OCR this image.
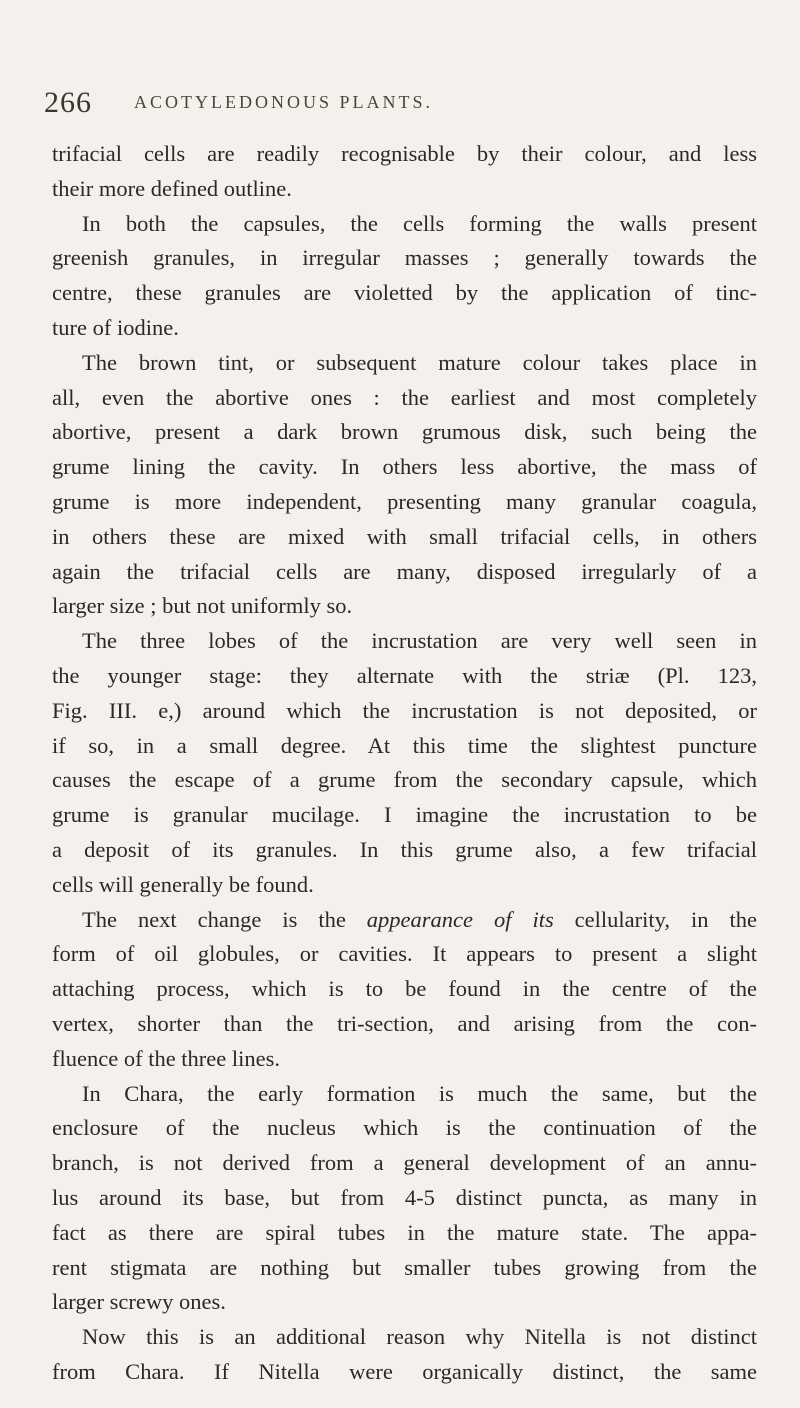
266 ACOTYLEDONOUS PLANTS.

trifacial cells are readily recognisable by their colour, and less
their more defined outline.

In both the capsules, the cells forming the walls present
greenish granules, in irregular masses ; generally towards the
centre, these granules are violetted by the application of tinc-
ture of iodine.

The brown tint, or subsequent mature colour takes place in
all, even the abortive ones : the earliest and most completely
abortive, present a dark brown grumous disk, such being the
grume lining the cavity. In others less abortive, the mass of
grume is more independent, presenting many granular coagula,
in others these are mixed with small trifacial cells, in others
again the trifacial cells are many, disposed irregularly of a
larger size ; but not uniformly so.

The three lobes of the incrustation are very well seen in
the younger stage: they alternate with the striæ (Pl. 123,
Fig. III. e,) around which the incrustation is not deposited, or
if so, in a small degree. At this time the slightest puncture
causes the escape of a grume from the secondary capsule, which
grume is granular mucilage. I imagine the incrustation to be
a deposit of its granules. In this grume also, a few trifacial
cells will generally be found.

The next change is the appearance of its cellularity, in the
form of oil globules, or cavities. It appears to present a slight
attaching process, which is to be found in the centre of the
vertex, shorter than the tri-section, and arising from the con-
fluence of the three lines.

In Chara, the early formation is much the same, but the
enclosure of the nucleus which is the continuation of the
branch, is not derived from a general development of an annu-
lus around its base, but from 4-5 distinct puncta, as many in
fact as there are spiral tubes in the mature state. The appa-
rent stigmata are nothing but smaller tubes growing from the
larger screwy ones.

Now this is an additional reason why Nitella is not distinct
from Chara. If Nitella were organically distinct, the same
